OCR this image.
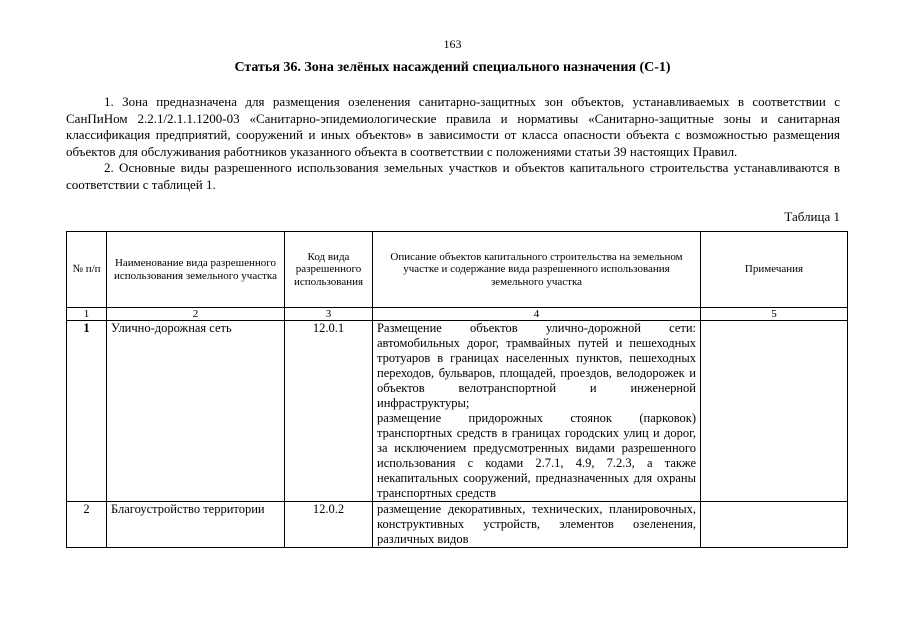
163
Статья 36. Зона зелёных насаждений специального назначения (С-1)

1. Зона предназначена для размещения озеленения санитарно-защитных зон объектов, устанавливаемых в соответствии с СанПиНом 2.2.1/2.1.1.1200-03 «Санитарно-эпидемиологические правила и нормативы «Санитарно-защитные зоны и санитарная классификация предприятий, сооружений и иных объектов» в зависимости от класса опасности объекта с возможностью размещения объектов для обслуживания работников указанного объекта в соответствии с положениями статьи 39 настоящих Правил.

2. Основные виды разрешенного использования земельных участков и объектов капитального строительства устанавливаются в соответствии с таблицей 1.

Таблица 1
№ п/п	Наименование вида разрешенного использования земельного участка	Код вида разрешенного использования	Описание объектов капитального строительства на земельном участке и содержание вида разрешенного использования земельного участка	Примечания
1	2	3	4	5
1	Улично-дорожная сеть	12.0.1	Размещение объектов улично-дорожной сети: автомобильных дорог, трамвайных путей и пешеходных тротуаров в границах населенных пунктов, пешеходных переходов, бульваров, площадей, проездов, велодорожек и объектов велотранспортной и инженерной инфраструктуры;
размещение придорожных стоянок (парковок) транспортных средств в границах городских улиц и дорог, за исключением предусмотренных видами разрешенного использования с кодами 2.7.1, 4.9, 7.2.3, а также некапитальных сооружений, предназначенных для охраны транспортных средств	

2	Благоустройство территории	12.0.2	размещение декоративных, технических, планировочных, конструктивных устройств, элементов озеленения, различных видов	
